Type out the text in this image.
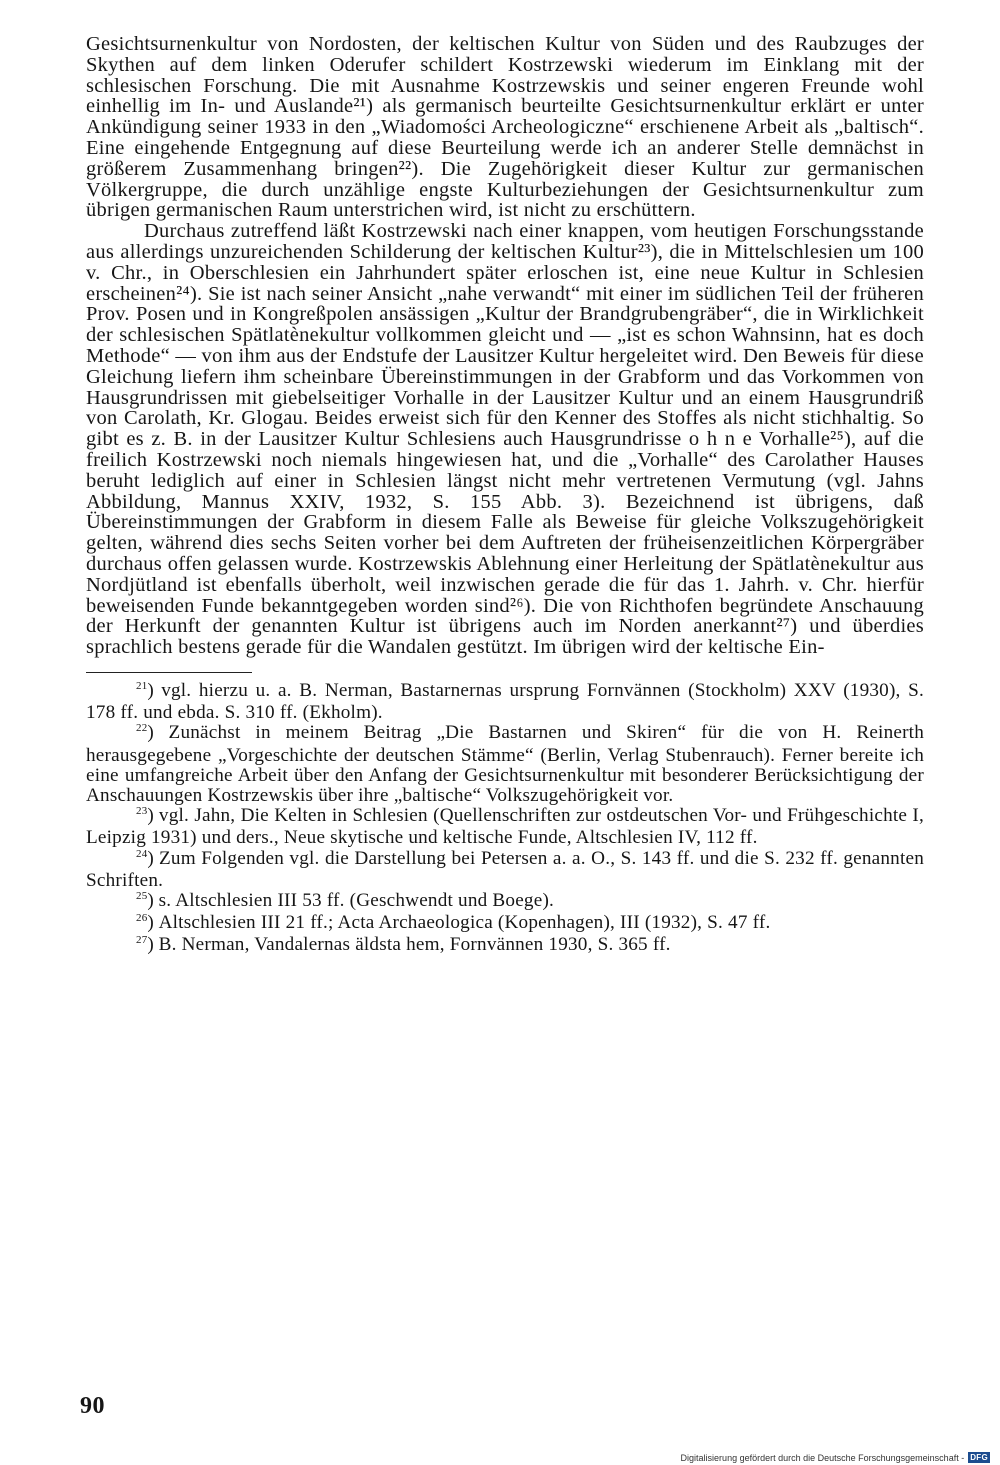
Gesichtsurnenkultur von Nordosten, der keltischen Kultur von Süden und des Raubzuges der Skythen auf dem linken Oderufer schildert Kostrzewski wiederum im Einklang mit der schlesischen Forschung. Die mit Ausnahme Kostrzewskis und seiner engeren Freunde wohl einhellig im In- und Auslande²¹) als germanisch beurteilte Gesichtsurnenkultur erklärt er unter Ankündigung seiner 1933 in den „Wiadomości Archeologiczne“ erschienene Arbeit als „baltisch“. Eine eingehende Entgegnung auf diese Beurteilung werde ich an anderer Stelle demnächst in größerem Zusammenhang bringen²²). Die Zugehörigkeit dieser Kultur zur germanischen Völkergruppe, die durch unzählige engste Kulturbeziehungen der Gesichtsurnenkultur zum übrigen germanischen Raum unterstrichen wird, ist nicht zu erschüttern.

Durchaus zutreffend läßt Kostrzewski nach einer knappen, vom heutigen Forschungsstande aus allerdings unzureichenden Schilderung der keltischen Kultur²³), die in Mittelschlesien um 100 v. Chr., in Oberschlesien ein Jahrhundert später erloschen ist, eine neue Kultur in Schlesien erscheinen²⁴). Sie ist nach seiner Ansicht „nahe verwandt“ mit einer im südlichen Teil der früheren Prov. Posen und in Kongreßpolen ansässigen „Kultur der Brandgrubengräber“, die in Wirklichkeit der schlesischen Spätlatènekultur vollkommen gleicht und — „ist es schon Wahnsinn, hat es doch Methode“ — von ihm aus der Endstufe der Lausitzer Kultur hergeleitet wird. Den Beweis für diese Gleichung liefern ihm scheinbare Übereinstimmungen in der Grabform und das Vorkommen von Hausgrundrissen mit giebelseitiger Vorhalle in der Lausitzer Kultur und an einem Hausgrundriß von Carolath, Kr. Glogau. Beides erweist sich für den Kenner des Stoffes als nicht stichhaltig. So gibt es z. B. in der Lausitzer Kultur Schlesiens auch Hausgrundrisse o h n e Vorhalle²⁵), auf die freilich Kostrzewski noch niemals hingewiesen hat, und die „Vorhalle“ des Carolather Hauses beruht lediglich auf einer in Schlesien längst nicht mehr vertretenen Vermutung (vgl. Jahns Abbildung, Mannus XXIV, 1932, S. 155 Abb. 3). Bezeichnend ist übrigens, daß Übereinstimmungen der Grabform in diesem Falle als Beweise für gleiche Volkszugehörigkeit gelten, während dies sechs Seiten vorher bei dem Auftreten der früheisenzeitlichen Körpergräber durchaus offen gelassen wurde. Kostrzewskis Ablehnung einer Herleitung der Spätlatènekultur aus Nordjütland ist ebenfalls überholt, weil inzwischen gerade die für das 1. Jahrh. v. Chr. hierfür beweisenden Funde bekanntgegeben worden sind²⁶). Die von Richthofen begründete Anschauung der Herkunft der genannten Kultur ist übrigens auch im Norden anerkannt²⁷) und überdies sprachlich bestens gerade für die Wandalen gestützt. Im übrigen wird der keltische Ein-

$^{21}$) vgl. hierzu u. a. B. Nerman, Bastarnernas ursprung Fornvännen (Stockholm) XXV (1930), S. 178 ff. und ebda. S. 310 ff. (Ekholm).

$^{22}$) Zunächst in meinem Beitrag „Die Bastarnen und Skiren“ für die von H. Reinerth herausgegebene „Vorgeschichte der deutschen Stämme“ (Berlin, Verlag Stubenrauch). Ferner bereite ich eine umfangreiche Arbeit über den Anfang der Gesichtsurnenkultur mit besonderer Berücksichtigung der Anschauungen Kostrzewskis über ihre „baltische“ Volkszugehörigkeit vor.

$^{23}$) vgl. Jahn, Die Kelten in Schlesien (Quellenschriften zur ostdeutschen Vor- und Frühgeschichte I, Leipzig 1931) und ders., Neue skytische und keltische Funde, Altschlesien IV, 112 ff.

$^{24}$) Zum Folgenden vgl. die Darstellung bei Petersen a. a. O., S. 143 ff. und die S. 232 ff. genannten Schriften.

$^{25}$) s. Altschlesien III 53 ff. (Geschwendt und Boege).

$^{26}$) Altschlesien III 21 ff.; Acta Archaeologica (Kopenhagen), III (1932), S. 47 ff.

$^{27}$) B. Nerman, Vandalernas äldsta hem, Fornvännen 1930, S. 365 ff.

90
Digitalisierung gefördert durch die Deutsche Forschungsgemeinschaft - DFG
